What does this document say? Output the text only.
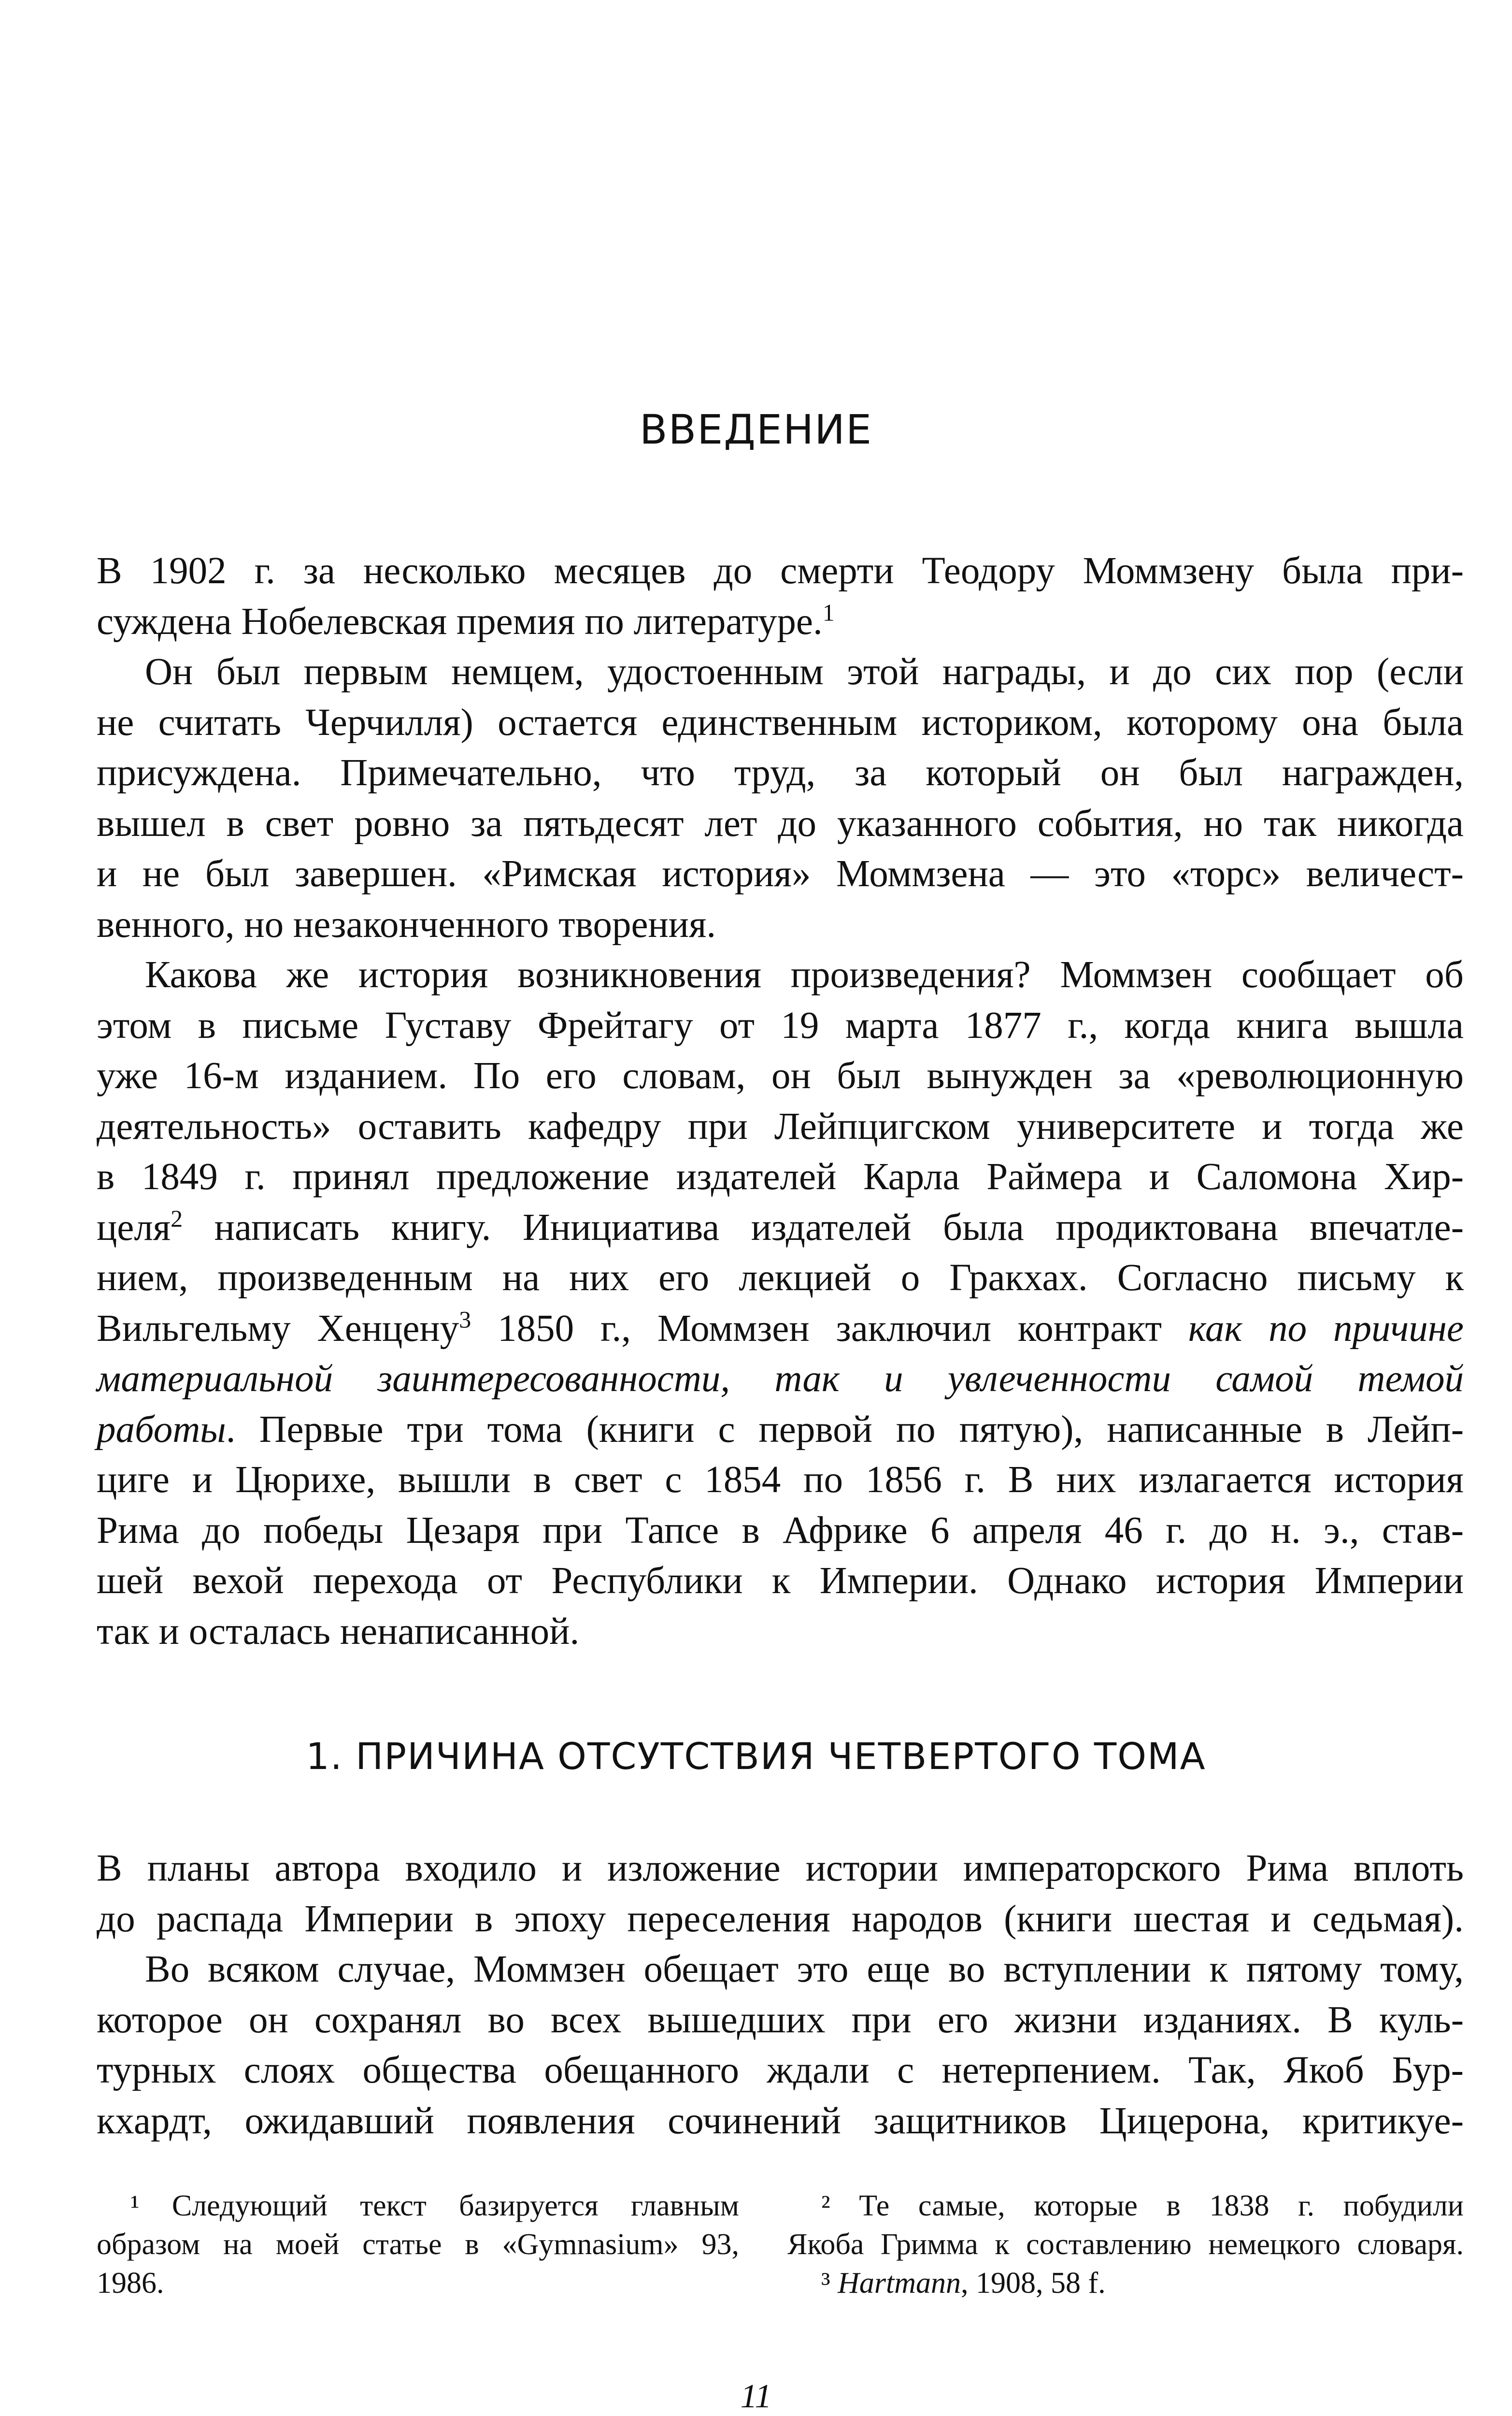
ВВЕДЕНИЕ

В 1902 г. за несколько месяцев до смерти Теодору Моммзену была при-
суждена Нобелевская премия по литературе.$^1$

Он был первым немцем, удостоенным этой награды, и до сих пор (если
не считать Черчилля) остается единственным историком, которому она была
присуждена. Примечательно, что труд, за который он был награжден,
вышел в свет ровно за пятьдесят лет до указанного события, но так никогда
и не был завершен. «Римская история» Моммзена — это «торс» величест-
венного, но незаконченного творения.

Какова же история возникновения произведения? Моммзен сообщает об
этом в письме Густаву Фрейтагу от 19 марта 1877 г., когда книга вышла
уже 16-м изданием. По его словам, он был вынужден за «революционную
деятельность» оставить кафедру при Лейпцигском университете и тогда же
в 1849 г. принял предложение издателей Карла Раймера и Саломона Хир-
целя$^2$ написать книгу. Инициатива издателей была продиктована впечатле-
нием, произведенным на них его лекцией о Гракхах. Согласно письму к
Вильгельму Хенцену$^3$ 1850 г., Моммзен заключил контракт как по причине
материальной заинтересованности, так и увлеченности самой темой
работы. Первые три тома (книги с первой по пятую), написанные в Лейп-
циге и Цюрихе, вышли в свет с 1854 по 1856 г. В них излагается история
Рима до победы Цезаря при Тапсе в Африке 6 апреля 46 г. до н. э., став-
шей вехой перехода от Республики к Империи. Однако история Империи
так и осталась ненаписанной.

1. ПРИЧИНА ОТСУТСТВИЯ ЧЕТВЕРТОГО ТОМА

В планы автора входило и изложение истории императорского Рима вплоть
до распада Империи в эпоху переселения народов (книги шестая и седьмая).
Во всяком случае, Моммзен обещает это еще во вступлении к пятому тому,
которое он сохранял во всех вышедших при его жизни изданиях. В куль-
турных слоях общества обещанного ждали с нетерпением. Так, Якоб Бур-
кхардт, ожидавший появления сочинений защитников Цицерона, критикуе-

¹ Следующий текст базируется главным
образом на моей статье в «Gymnasium» 93,
1986.
² Те самые, которые в 1838 г. побудили
Якоба Гримма к составлению немецкого словаря.
³ Hartmann, 1908, 58 f.
11
